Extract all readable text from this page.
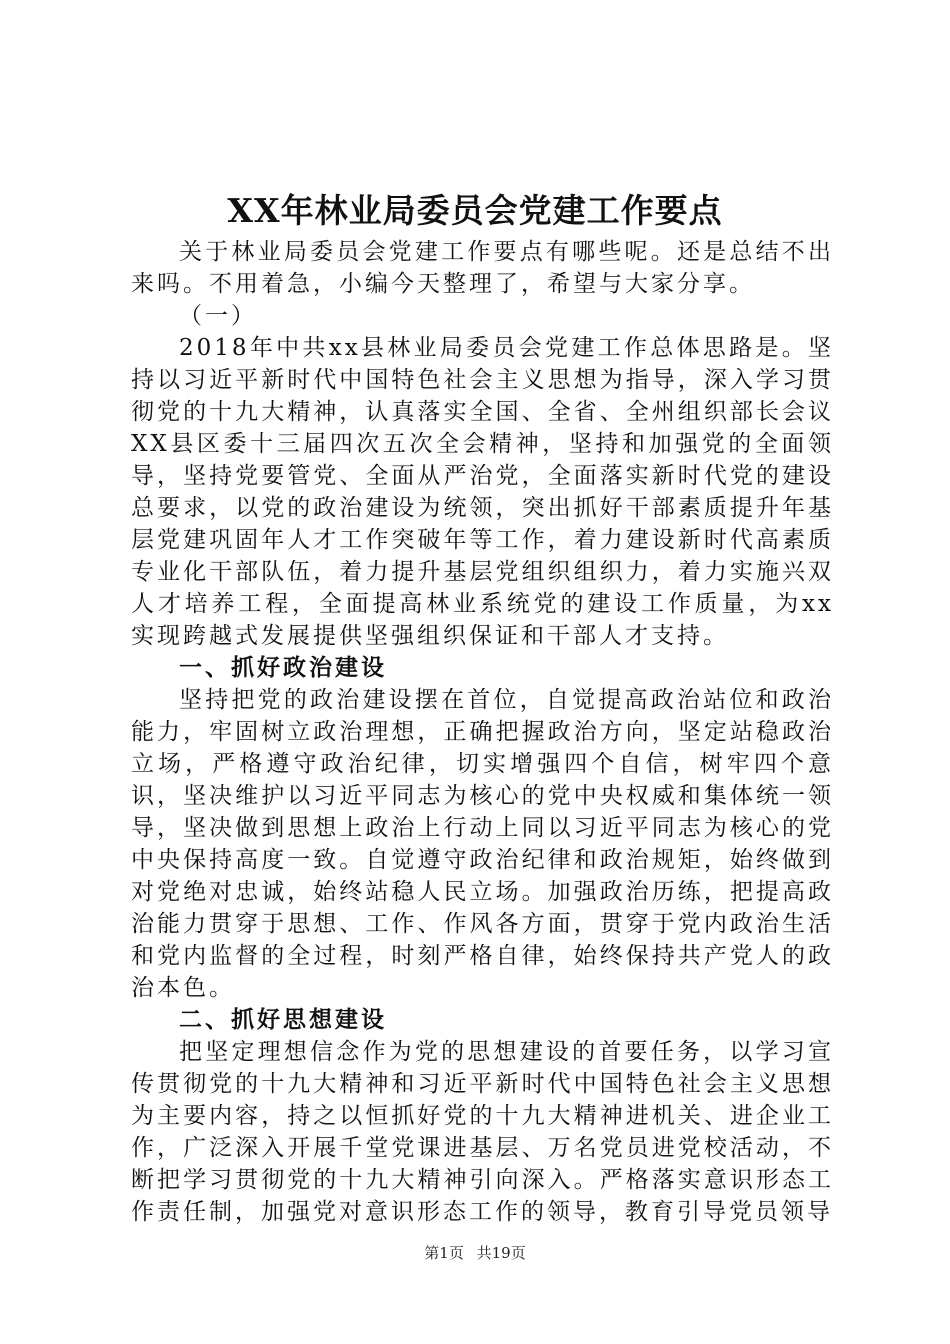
XX年林业局委员会党建工作要点

关于林业局委员会党建工作要点有哪些呢。还是总结不出来吗。不用着急，小编今天整理了，希望与大家分享。

（一）

2018年中共xx县林业局委员会党建工作总体思路是。坚持以习近平新时代中国特色社会主义思想为指导，深入学习贯彻党的十九大精神，认真落实全国、全省、全州组织部长会议XX县区委十三届四次五次全会精神，坚持和加强党的全面领导，坚持党要管党、全面从严治党，全面落实新时代党的建设总要求，以党的政治建设为统领，突出抓好干部素质提升年基层党建巩固年人才工作突破年等工作，着力建设新时代高素质专业化干部队伍，着力提升基层党组织组织力，着力实施兴双人才培养工程，全面提高林业系统党的建设工作质量，为xx实现跨越式发展提供坚强组织保证和干部人才支持。

一、抓好政治建设

坚持把党的政治建设摆在首位，自觉提高政治站位和政治能力，牢固树立政治理想，正确把握政治方向，坚定站稳政治立场，严格遵守政治纪律，切实增强四个自信，树牢四个意识，坚决维护以习近平同志为核心的党中央权威和集体统一领导，坚决做到思想上政治上行动上同以习近平同志为核心的党中央保持高度一致。自觉遵守政治纪律和政治规矩，始终做到对党绝对忠诚，始终站稳人民立场。加强政治历练，把提高政治能力贯穿于思想、工作、作风各方面，贯穿于党内政治生活和党内监督的全过程，时刻严格自律，始终保持共产党人的政治本色。

二、抓好思想建设

把坚定理想信念作为党的思想建设的首要任务，以学习宣传贯彻党的十九大精神和习近平新时代中国特色社会主义思想为主要内容，持之以恒抓好党的十九大精神进机关、进企业工作，广泛深入开展千堂党课进基层、万名党员进党校活动，不断把学习贯彻党的十九大精神引向深入。严格落实意识形态工作责任制，加强党对意识形态工作的领导，教育引导党员领导

第1页 共19页
